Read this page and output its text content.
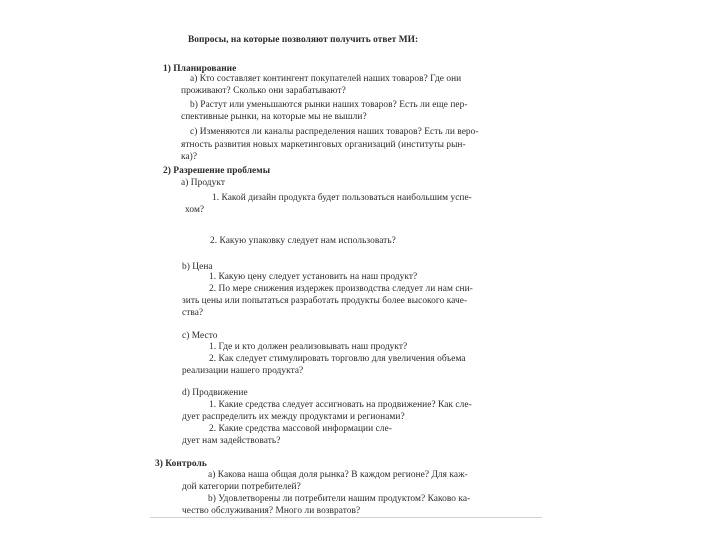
Вопросы, на которые позволяют получить ответ МИ:
1) Планирование
a) Кто составляет контингент покупателей наших товаров? Где они
проживают? Сколько они зарабатывают?
b) Растут или уменьшаются рынки наших товаров? Есть ли еще пер-
спективные рынки, на которые мы не вышли?
c) Изменяются ли каналы распределения наших товаров? Есть ли веро-
ятность развития новых маркетинговых организаций (институты рын-
ка)?
2) Разрешение проблемы
а) Продукт
1. Какой дизайн продукта будет пользоваться наибольшим успе-
хом?
2. Какую упаковку следует нам использовать?
b) Цена
1. Какую цену следует установить на наш продукт?
2. По мере снижения издержек производства следует ли нам сни-
зить цены или попытаться разработать продукты более высокого каче-
ства?
с) Место
1. Где и кто должен реализовывать наш продукт?
2. Как следует стимулировать торговлю для увеличения объема
реализации нашего продукта?
d) Продвижение
1. Какие средства следует ассигновать на продвижение? Как сле-
дует распределить их между продуктами и регионами?
2. Какие средства массовой информации сле-
дует нам задействовать?
3) Контроль
a) Какова наша общая доля рынка? В каждом регионе? Для каж-
дой категории потребителей?
b) Удовлетворены ли потребители нашим продуктом? Каково ка-
чество обслуживания? Много ли возвратов?
